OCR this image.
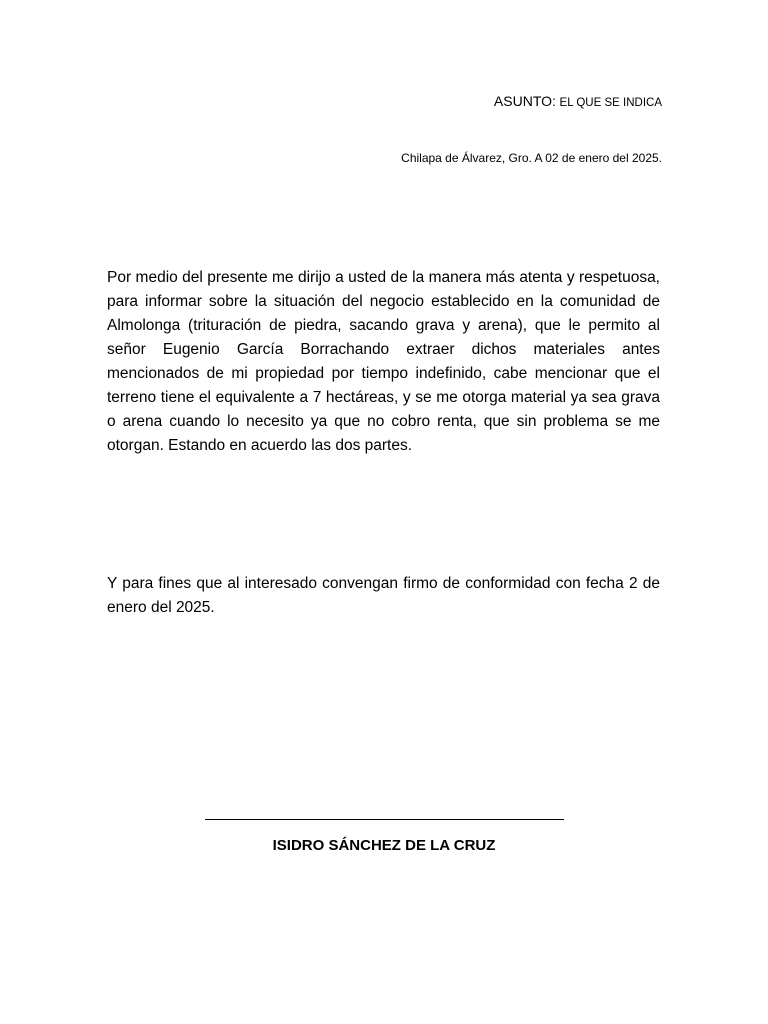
ASUNTO: EL QUE SE INDICA
Chilapa de Álvarez, Gro. A 02 de enero del 2025.

Por medio del presente me dirijo a usted de la manera más atenta y respetuosa, para informar sobre la situación del negocio establecido en la comunidad de Almolonga (trituración de piedra, sacando grava y arena), que le permito al señor Eugenio García Borrachando extraer dichos materiales antes mencionados de mi propiedad por tiempo indefinido, cabe mencionar que el terreno tiene el equivalente a 7 hectáreas, y se me otorga material ya sea grava o arena cuando lo necesito ya que no cobro renta, que sin problema se me otorgan. Estando en acuerdo las dos partes.

Y para fines que al interesado convengan firmo de conformidad con fecha 2 de enero del 2025.

ISIDRO SÁNCHEZ DE LA CRUZ
